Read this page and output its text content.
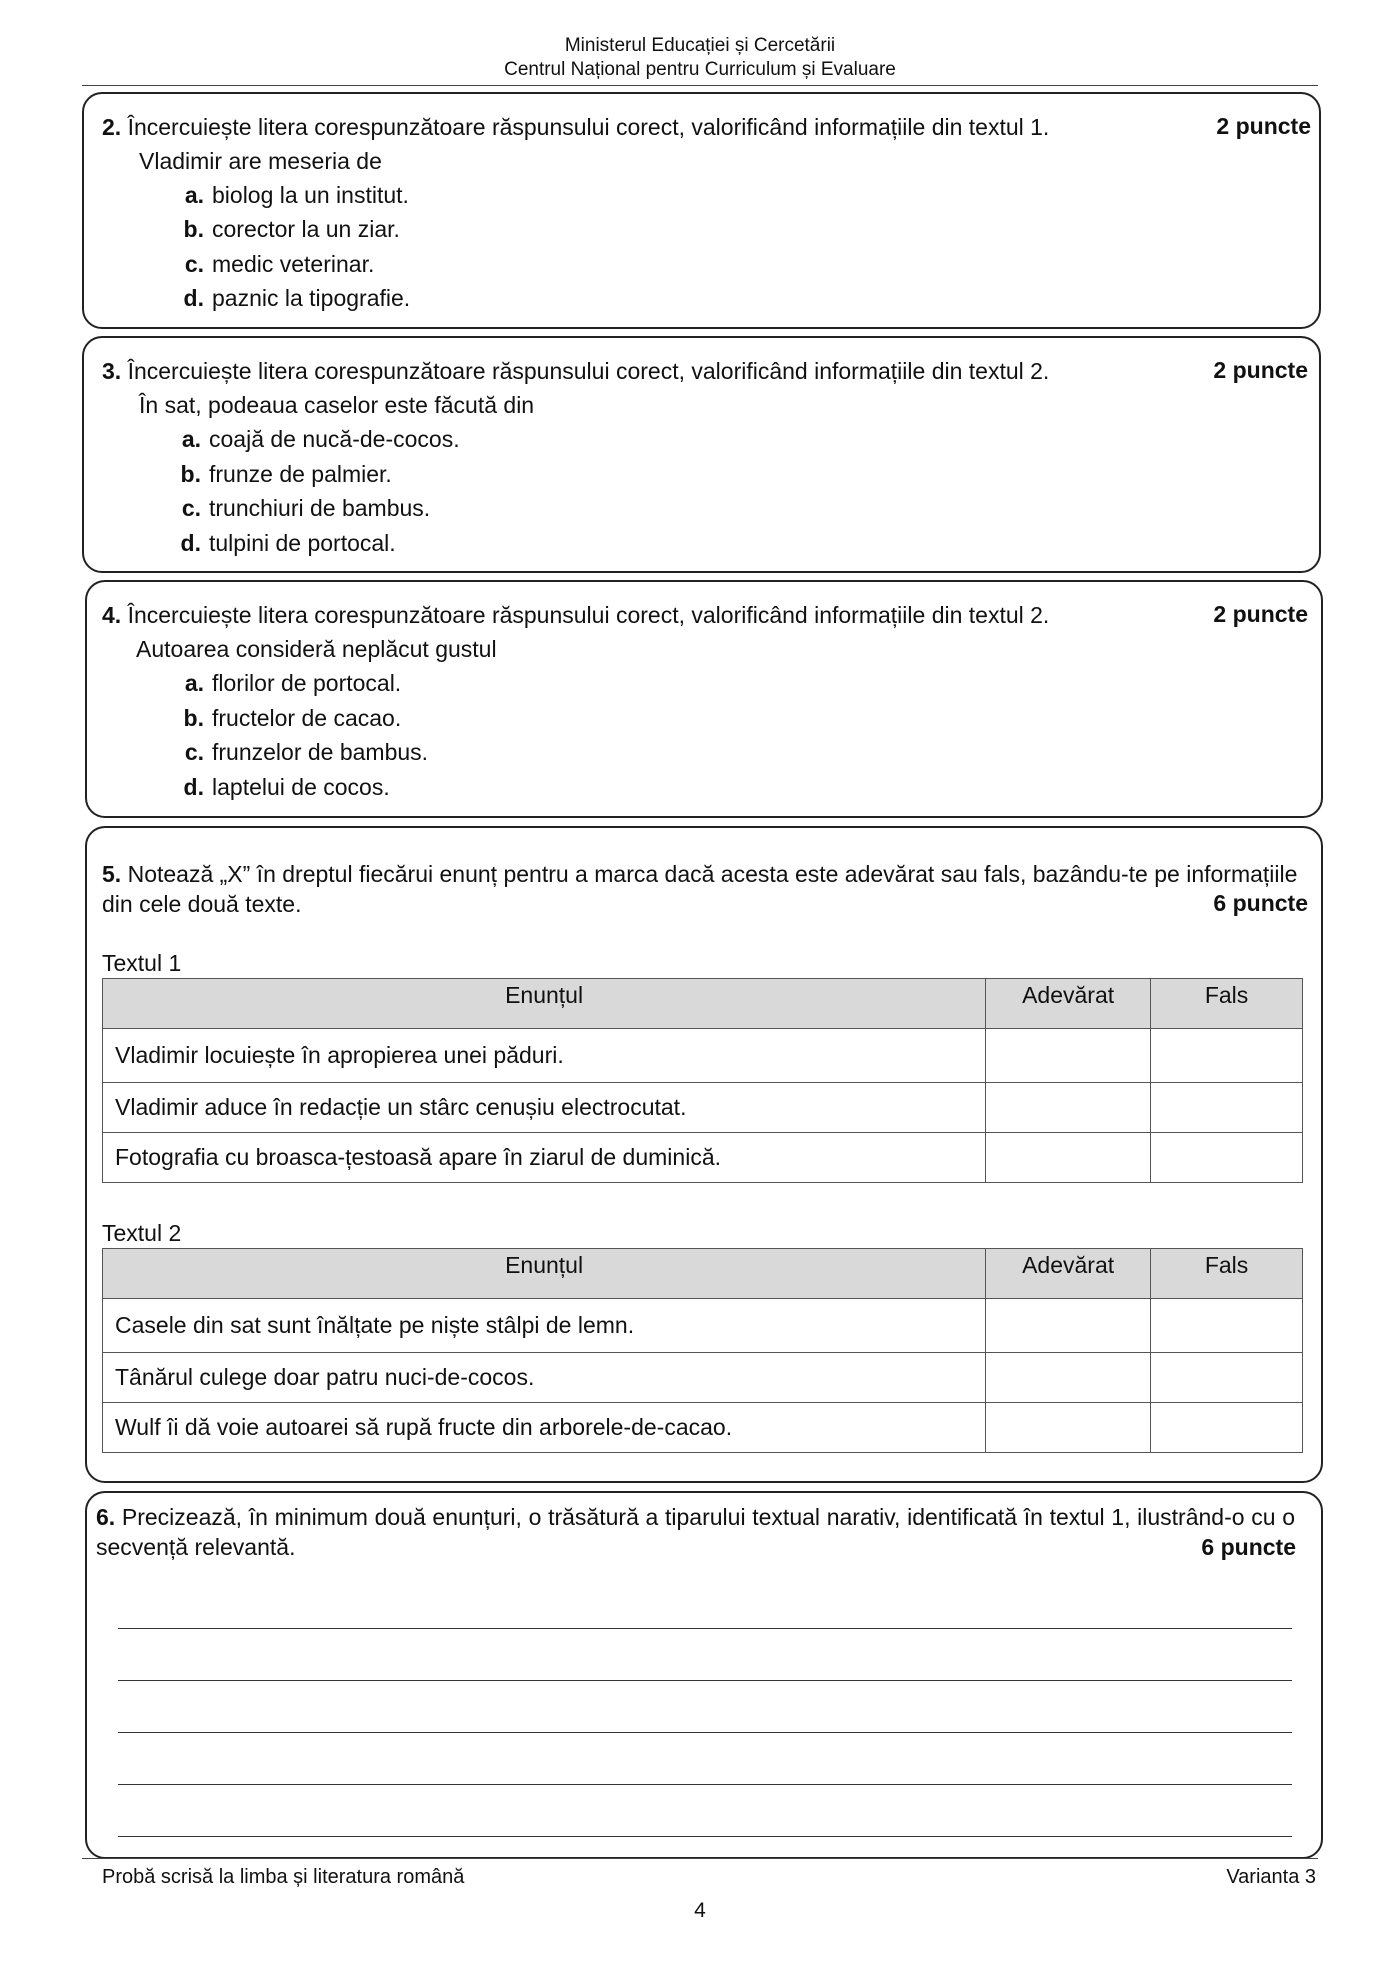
Ministerul Educației și Cercetării
Centrul Național pentru Curriculum și Evaluare
2. Încercuiește litera corespunzătoare răspunsului corect, valorificând informațiile din textul 1.	2 puncte
Vladimir are meseria de
a. biolog la un institut.
b. corector la un ziar.
c. medic veterinar.
d. paznic la tipografie.
3. Încercuiește litera corespunzătoare răspunsului corect, valorificând informațiile din textul 2.	2 puncte
În sat, podeaua caselor este făcută din
a. coajă de nucă-de-cocos.
b. frunze de palmier.
c. trunchiuri de bambus.
d. tulpini de portocal.
4. Încercuiește litera corespunzătoare răspunsului corect, valorificând informațiile din textul 2.	2 puncte
Autoarea consideră neplăcut gustul
a. florilor de portocal.
b. fructelor de cacao.
c. frunzelor de bambus.
d. laptelui de cocos.
5. Notează „X” în dreptul fiecărui enunț pentru a marca dacă acesta este adevărat sau fals, bazându-te pe informațiile din cele două texte.	6 puncte
Textul 1
Enunțul	Adevărat	Fals
Vladimir locuiește în apropierea unei păduri.		
Vladimir aduce în redacție un stârc cenușiu electrocutat.		
Fotografia cu broasca-țestoasă apare în ziarul de duminică.		
Textul 2
Enunțul	Adevărat	Fals
Casele din sat sunt înălțate pe niște stâlpi de lemn.		
Tânărul culege doar patru nuci-de-cocos.		
Wulf îi dă voie autoarei să rupă fructe din arborele-de-cacao.		
6. Precizează, în minimum două enunțuri, o trăsătură a tiparului textual narativ, identificată în textul 1, ilustrând-o cu o secvență relevantă.	6 puncte
Probă scrisă la limba și literatura română	Varianta 3
4
